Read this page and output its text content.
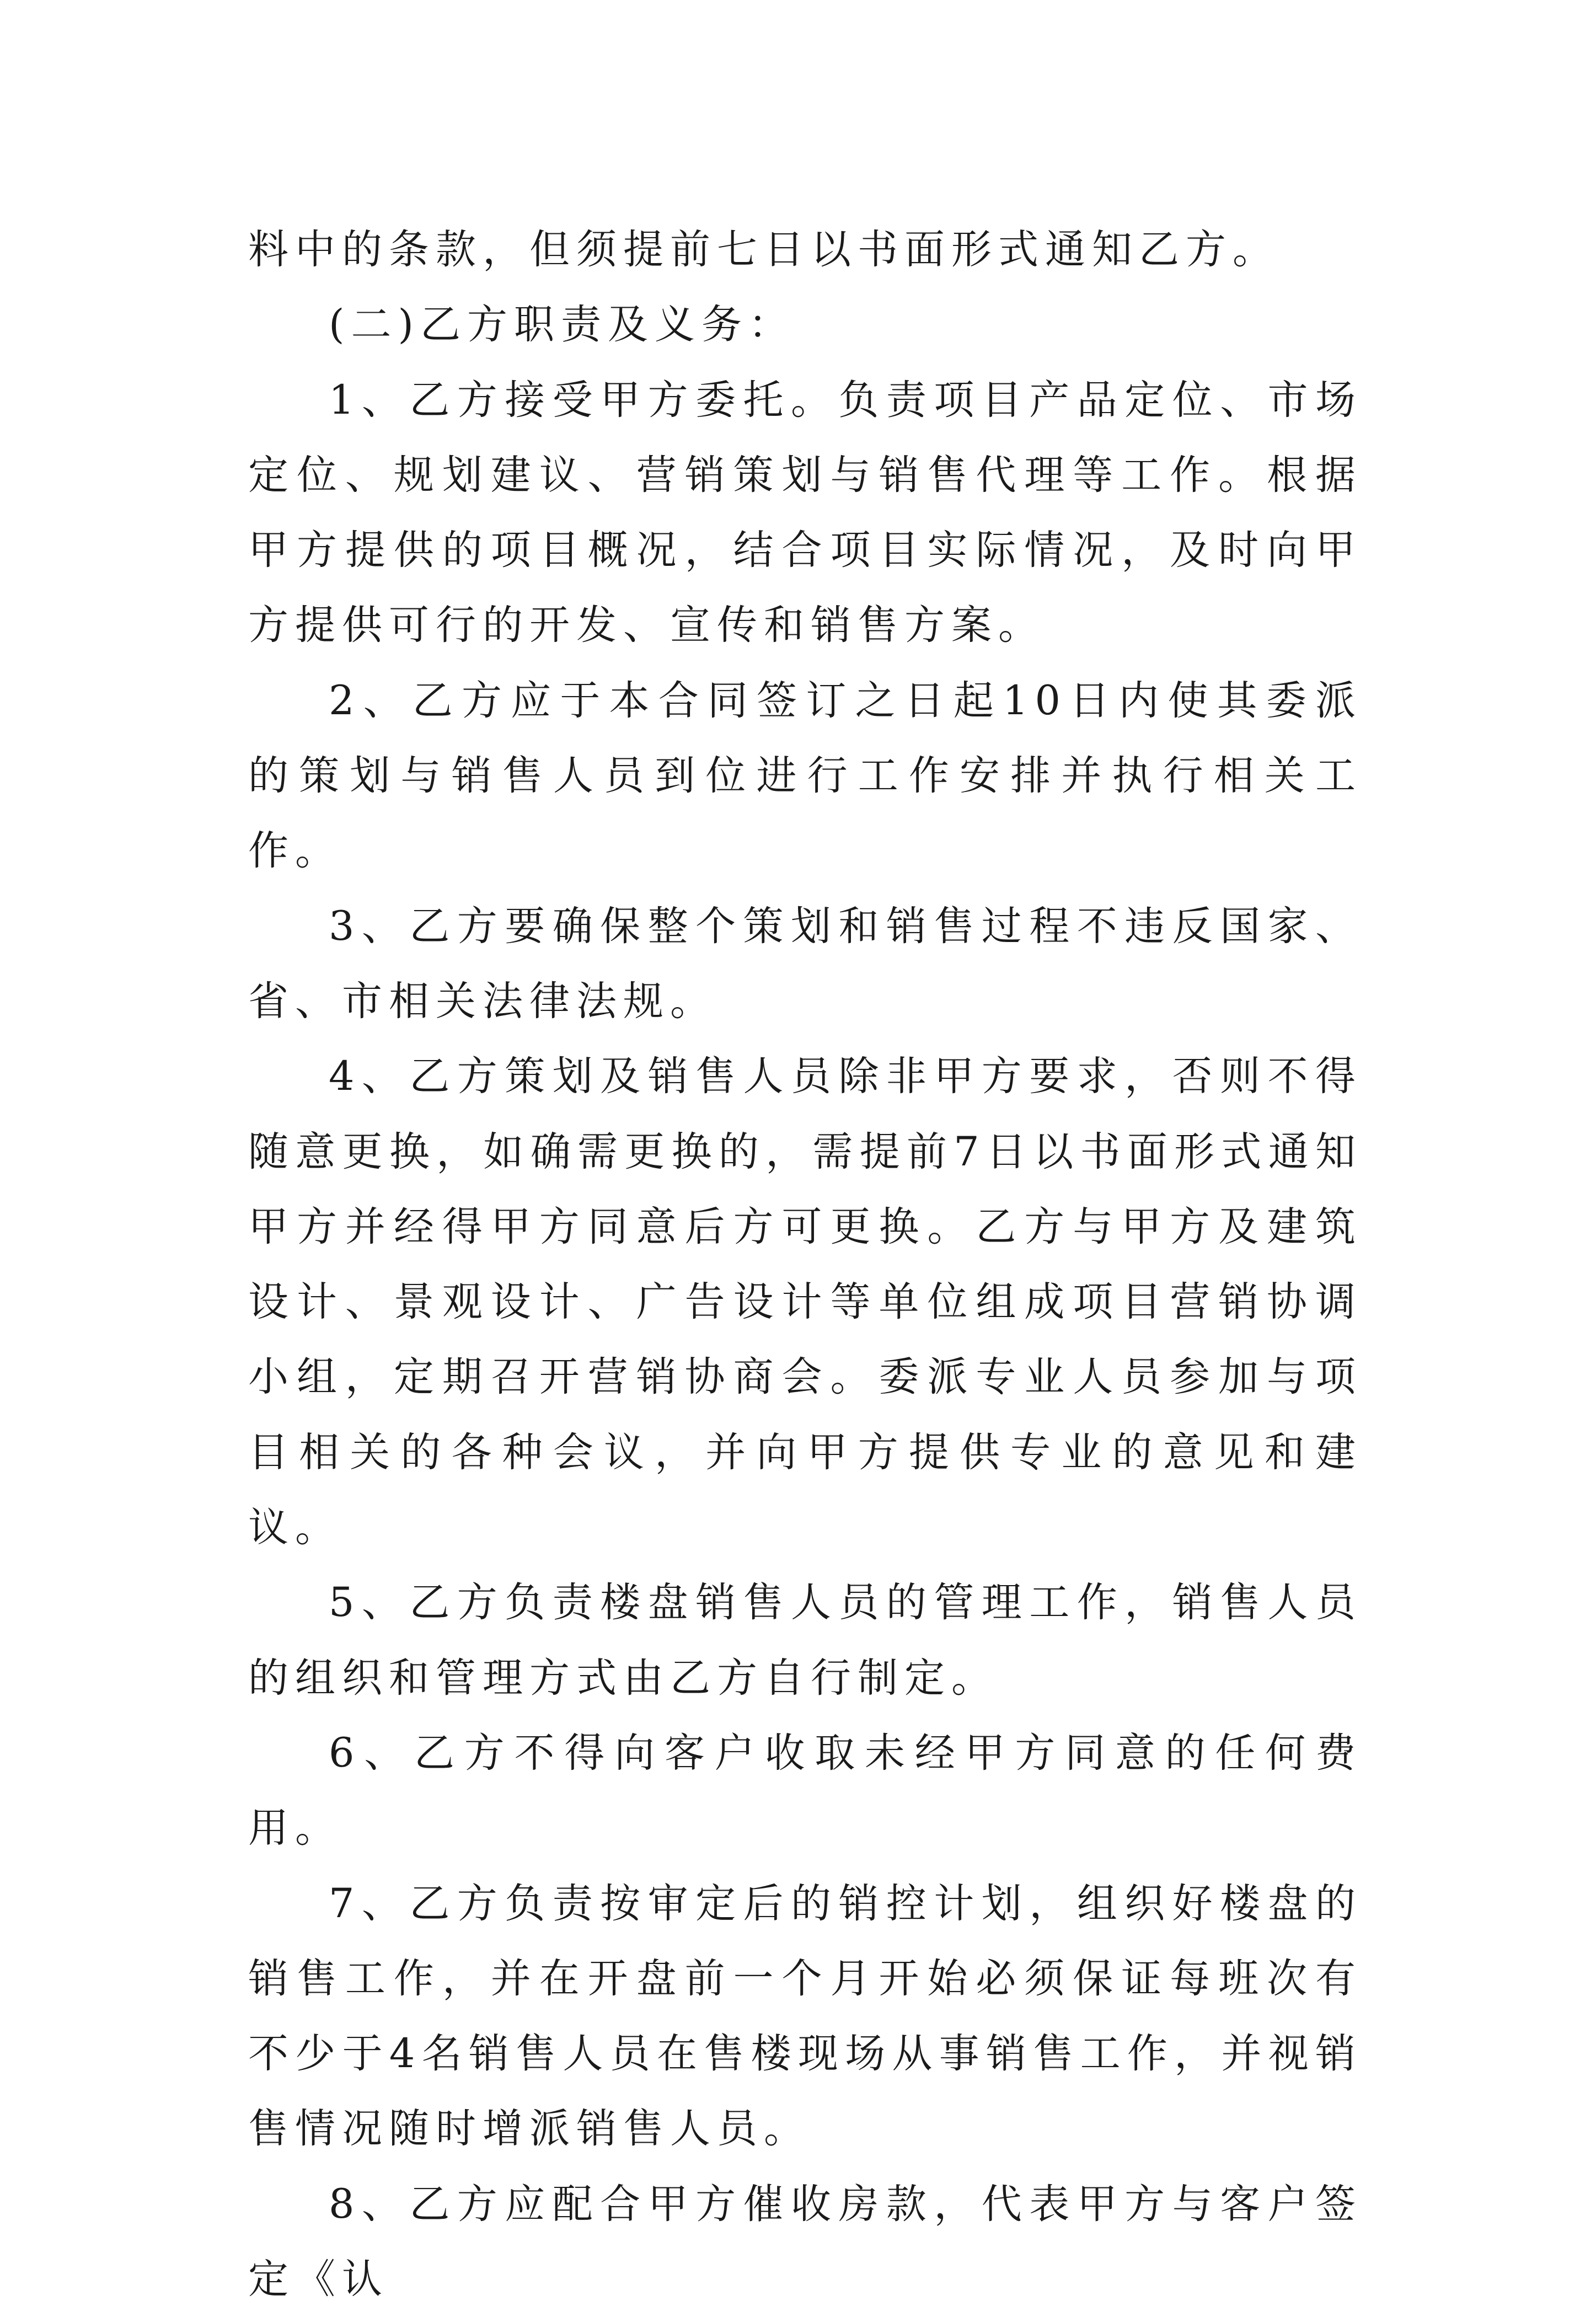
料中的条款，但须提前七日以书面形式通知乙方。

(二)乙方职责及义务：

1、乙方接受甲方委托。负责项目产品定位、市场定位、规划建议、营销策划与销售代理等工作。根据甲方提供的项目概况，结合项目实际情况，及时向甲方提供可行的开发、宣传和销售方案。

2、乙方应于本合同签订之日起10日内使其委派的策划与销售人员到位进行工作安排并执行相关工作。

3、乙方要确保整个策划和销售过程不违反国家、省、市相关法律法规。

4、乙方策划及销售人员除非甲方要求，否则不得随意更换，如确需更换的，需提前7日以书面形式通知甲方并经得甲方同意后方可更换。乙方与甲方及建筑设计、景观设计、广告设计等单位组成项目营销协调小组，定期召开营销协商会。委派专业人员参加与项目相关的各种会议，并向甲方提供专业的意见和建议。

5、乙方负责楼盘销售人员的管理工作，销售人员的组织和管理方式由乙方自行制定。

6、乙方不得向客户收取未经甲方同意的任何费用。

7、乙方负责按审定后的销控计划，组织好楼盘的销售工作，并在开盘前一个月开始必须保证每班次有不少于4名销售人员在售楼现场从事销售工作，并视销售情况随时增派销售人员。

8、乙方应配合甲方催收房款，代表甲方与客户签定《认
